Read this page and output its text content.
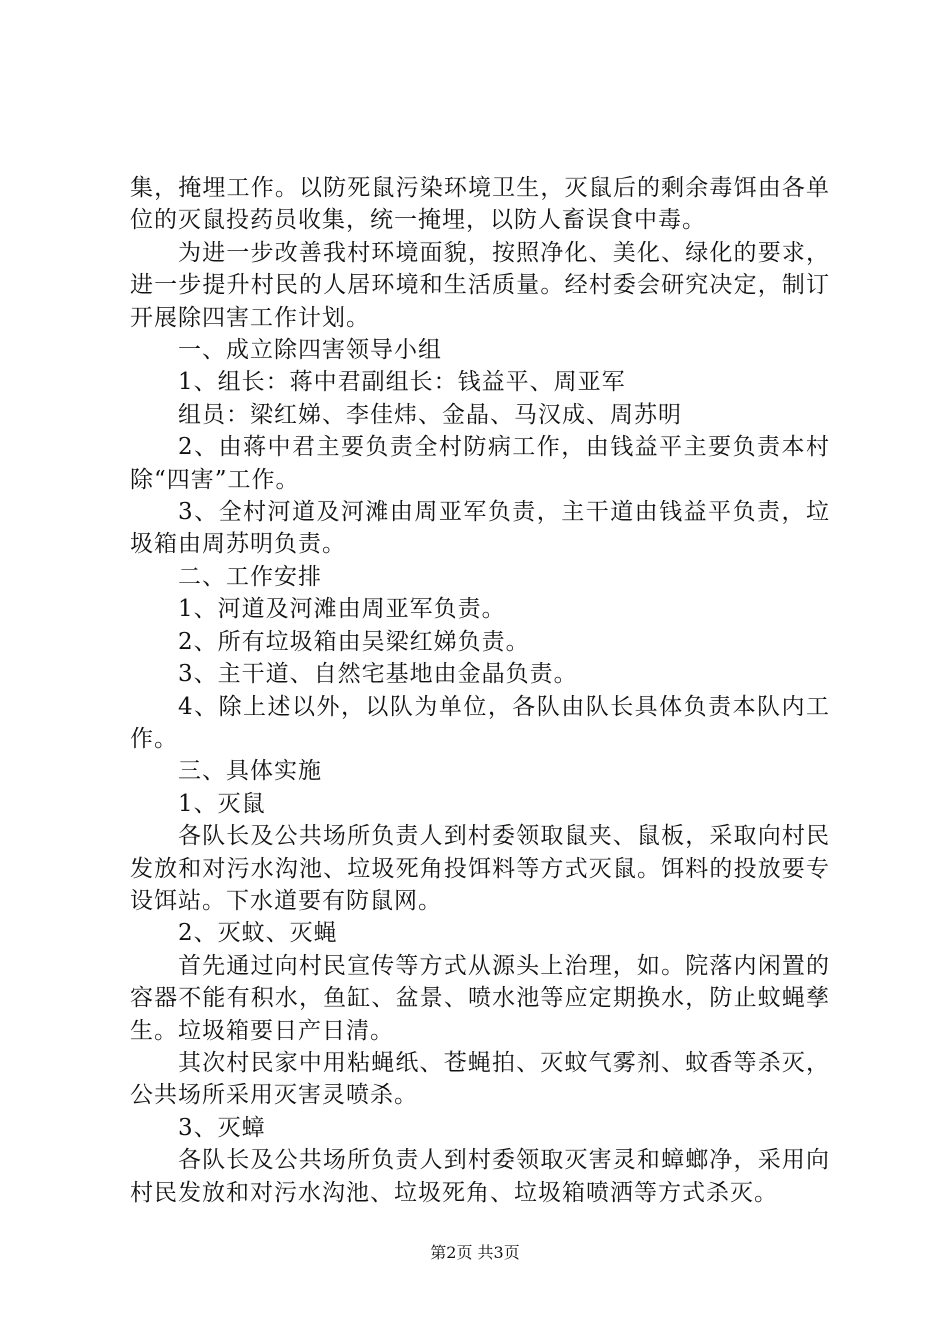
集，掩埋工作。以防死鼠污染环境卫生，灭鼠后的剩余毒饵由各单位的灭鼠投药员收集，统一掩埋，以防人畜误食中毒。

为进一步改善我村环境面貌，按照净化、美化、绿化的要求，进一步提升村民的人居环境和生活质量。经村委会研究决定，制订开展除四害工作计划。

一、成立除四害领导小组

1、组长：蒋中君副组长：钱益平、周亚军

组员：梁红娣、李佳炜、金晶、马汉成、周苏明

2、由蒋中君主要负责全村防病工作，由钱益平主要负责本村除“四害”工作。

3、全村河道及河滩由周亚军负责，主干道由钱益平负责，垃圾箱由周苏明负责。

二、工作安排

1、河道及河滩由周亚军负责。

2、所有垃圾箱由吴梁红娣负责。

3、主干道、自然宅基地由金晶负责。

4、除上述以外，以队为单位，各队由队长具体负责本队内工作。

三、具体实施

1、灭鼠

各队长及公共场所负责人到村委领取鼠夹、鼠板，采取向村民发放和对污水沟池、垃圾死角投饵料等方式灭鼠。饵料的投放要专设饵站。下水道要有防鼠网。

2、灭蚊、灭蝇

首先通过向村民宣传等方式从源头上治理，如。院落内闲置的容器不能有积水，鱼缸、盆景、喷水池等应定期换水，防止蚊蝇孳生。垃圾箱要日产日清。

其次村民家中用粘蝇纸、苍蝇拍、灭蚊气雾剂、蚊香等杀灭，公共场所采用灭害灵喷杀。

3、灭蟑

各队长及公共场所负责人到村委领取灭害灵和蟑螂净，采用向村民发放和对污水沟池、垃圾死角、垃圾箱喷洒等方式杀灭。

第2页 共3页
